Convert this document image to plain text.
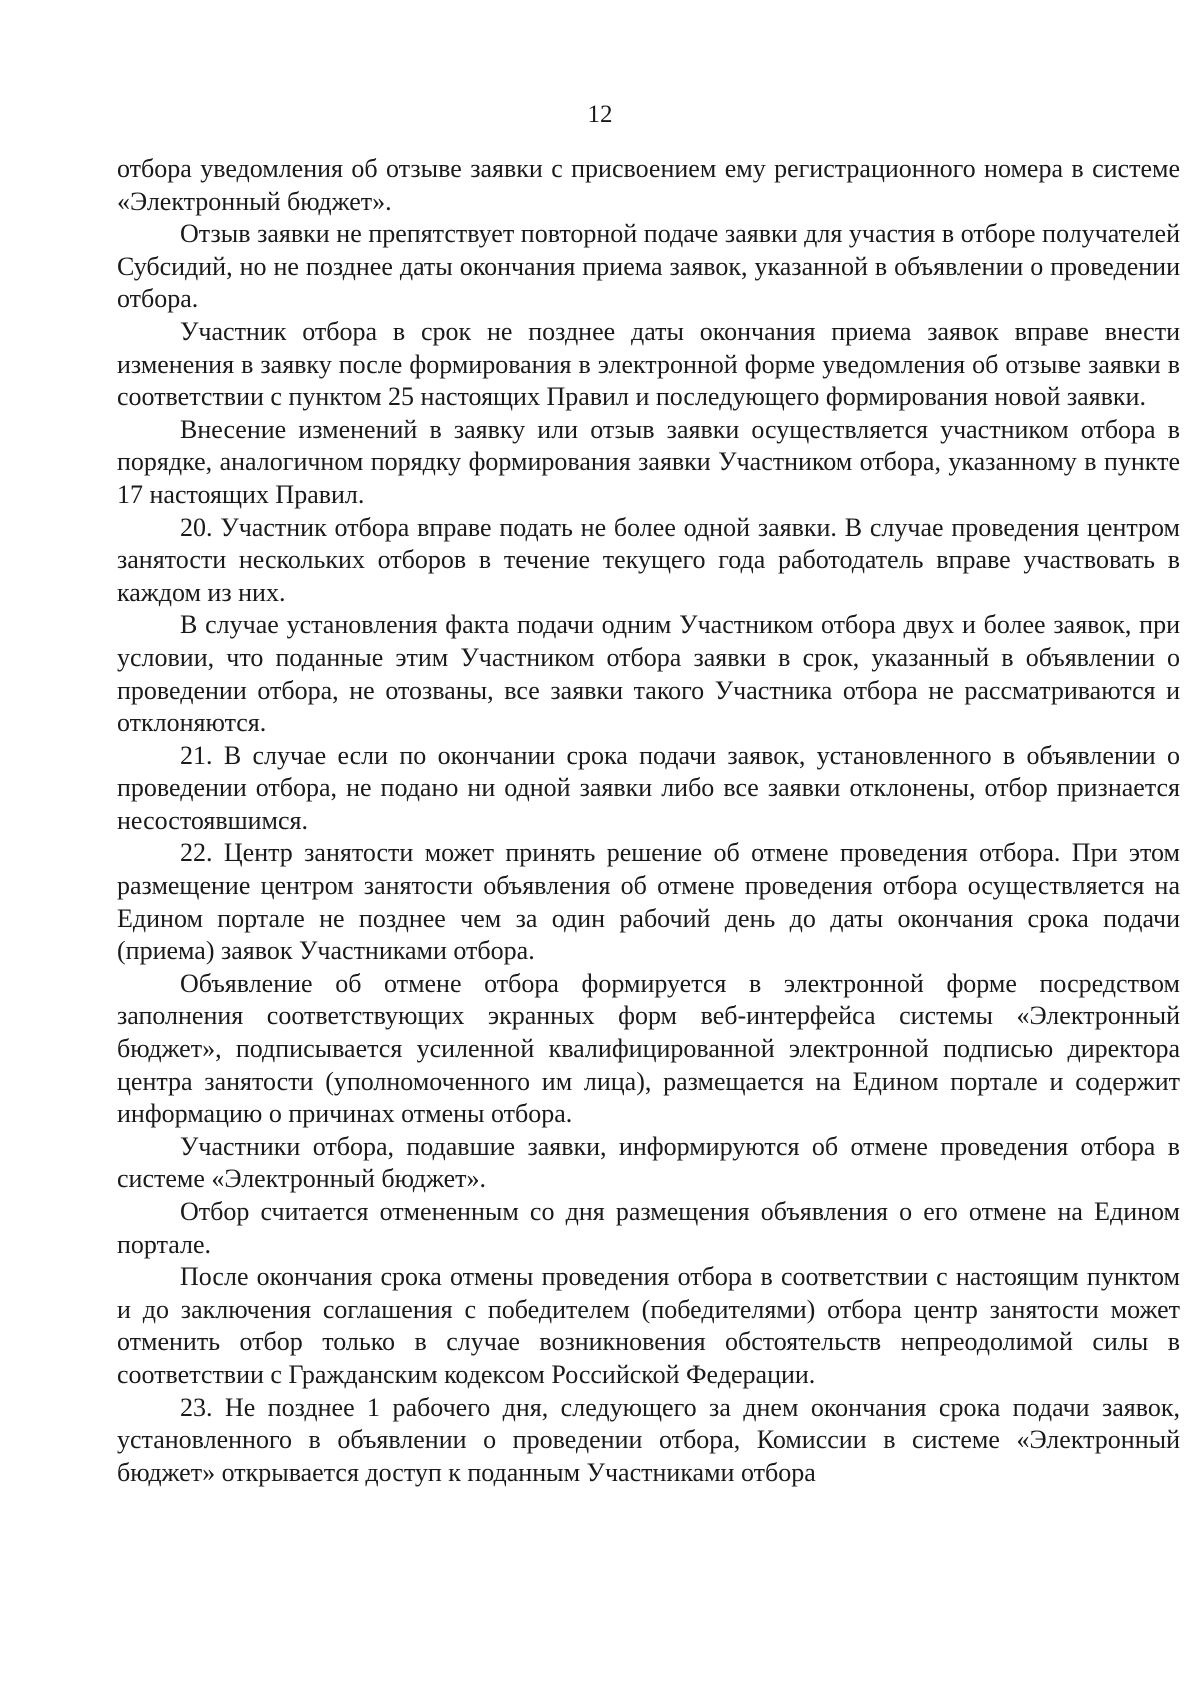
12

отбора уведомления об отзыве заявки с присвоением ему регистрационного номера в системе «Электронный бюджет».

Отзыв заявки не препятствует повторной подаче заявки для участия в отборе получателей Субсидий, но не позднее даты окончания приема заявок, указанной в объявлении о проведении отбора.

Участник отбора в срок не позднее даты окончания приема заявок вправе внести изменения в заявку после формирования в электронной форме уведомления об отзыве заявки в соответствии с пунктом 25 настоящих Правил и последующего формирования новой заявки.

Внесение изменений в заявку или отзыв заявки осуществляется участником отбора в порядке, аналогичном порядку формирования заявки Участником отбора, указанному в пункте 17 настоящих Правил.

20. Участник отбора вправе подать не более одной заявки. В случае проведения центром занятости нескольких отборов в течение текущего года работодатель вправе участвовать в каждом из них.

В случае установления факта подачи одним Участником отбора двух и более заявок, при условии, что поданные этим Участником отбора заявки в срок, указанный в объявлении о проведении отбора, не отозваны, все заявки такого Участника отбора не рассматриваются и отклоняются.

21. В случае если по окончании срока подачи заявок, установленного в объявлении о проведении отбора, не подано ни одной заявки либо все заявки отклонены, отбор признается несостоявшимся.

22. Центр занятости может принять решение об отмене проведения отбора. При этом размещение центром занятости объявления об отмене проведения отбора осуществляется на Едином портале не позднее чем за один рабочий день до даты окончания срока подачи (приема) заявок Участниками отбора.

Объявление об отмене отбора формируется в электронной форме посредством заполнения соответствующих экранных форм веб-интерфейса системы «Электронный бюджет», подписывается усиленной квалифицированной электронной подписью директора центра занятости (уполномоченного им лица), размещается на Едином портале и содержит информацию о причинах отмены отбора.

Участники отбора, подавшие заявки, информируются об отмене проведения отбора в системе «Электронный бюджет».

Отбор считается отмененным со дня размещения объявления о его отмене на Едином портале.

После окончания срока отмены проведения отбора в соответствии с настоящим пунктом и до заключения соглашения с победителем (победителями) отбора центр занятости может отменить отбор только в случае возникновения обстоятельств непреодолимой силы в соответствии с Гражданским кодексом Российской Федерации.

23. Не позднее 1 рабочего дня, следующего за днем окончания срока подачи заявок, установленного в объявлении о проведении отбора, Комиссии в системе «Электронный бюджет» открывается доступ к поданным Участниками отбора
